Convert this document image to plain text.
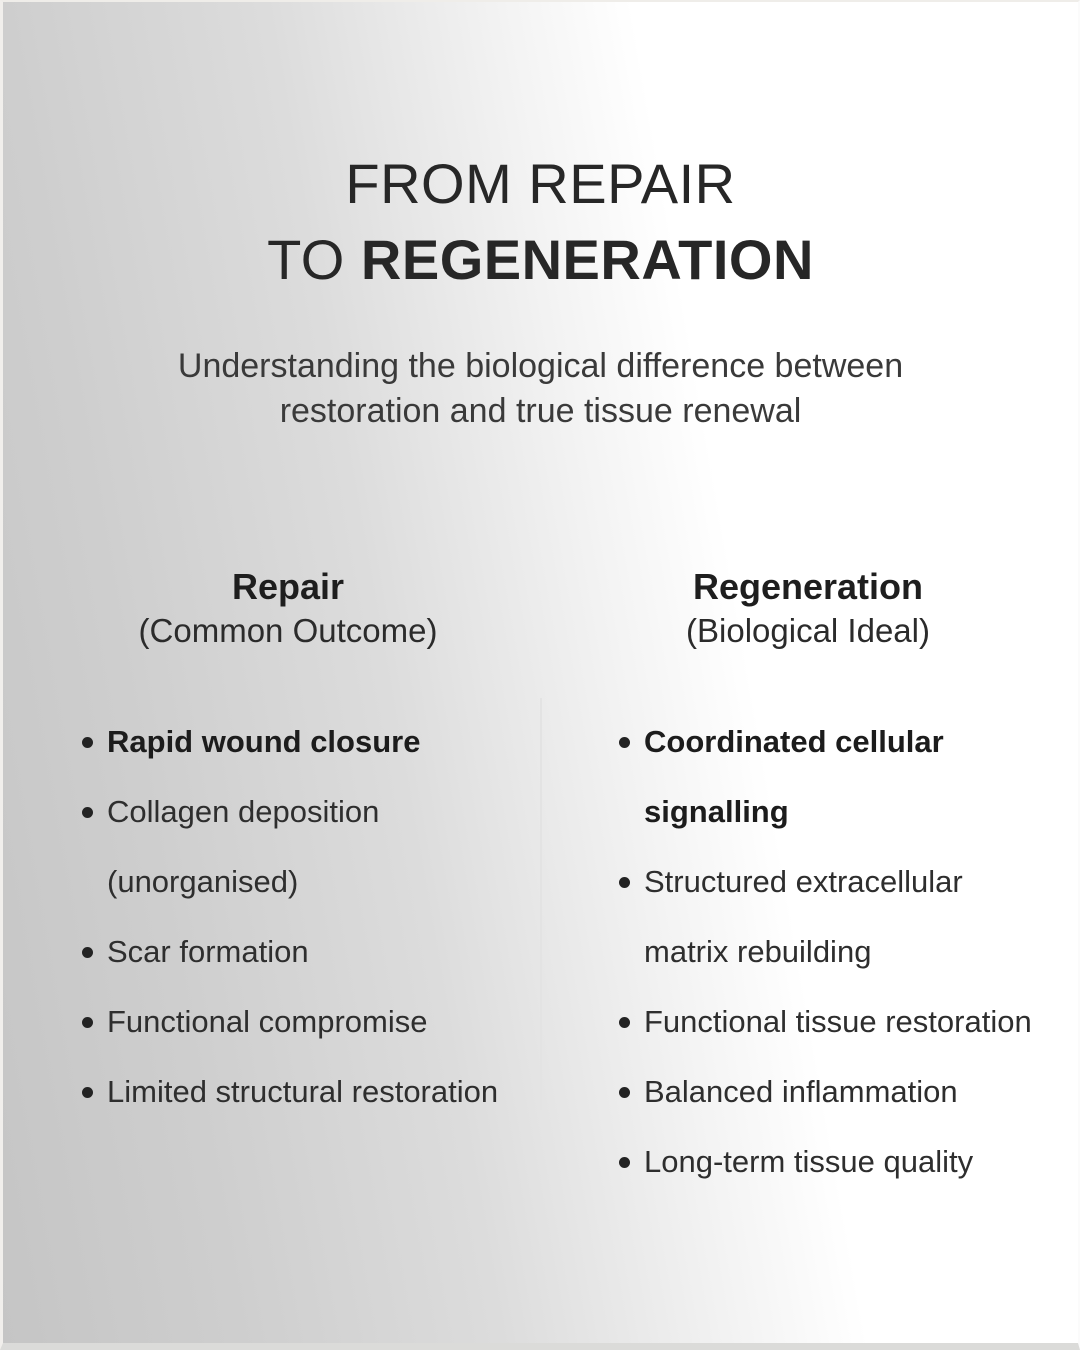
FROM REPAIR
TO REGENERATION
Understanding the biological difference between
restoration and true tissue renewal
Repair
(Common Outcome)
Regeneration
(Biological Ideal)
Rapid wound closure
Collagen deposition
(unorganised)
Scar formation
Functional compromise
Limited structural restoration
Coordinated cellular
signalling
Structured extracellular
matrix rebuilding
Functional tissue restoration
Balanced inflammation
Long-term tissue quality
